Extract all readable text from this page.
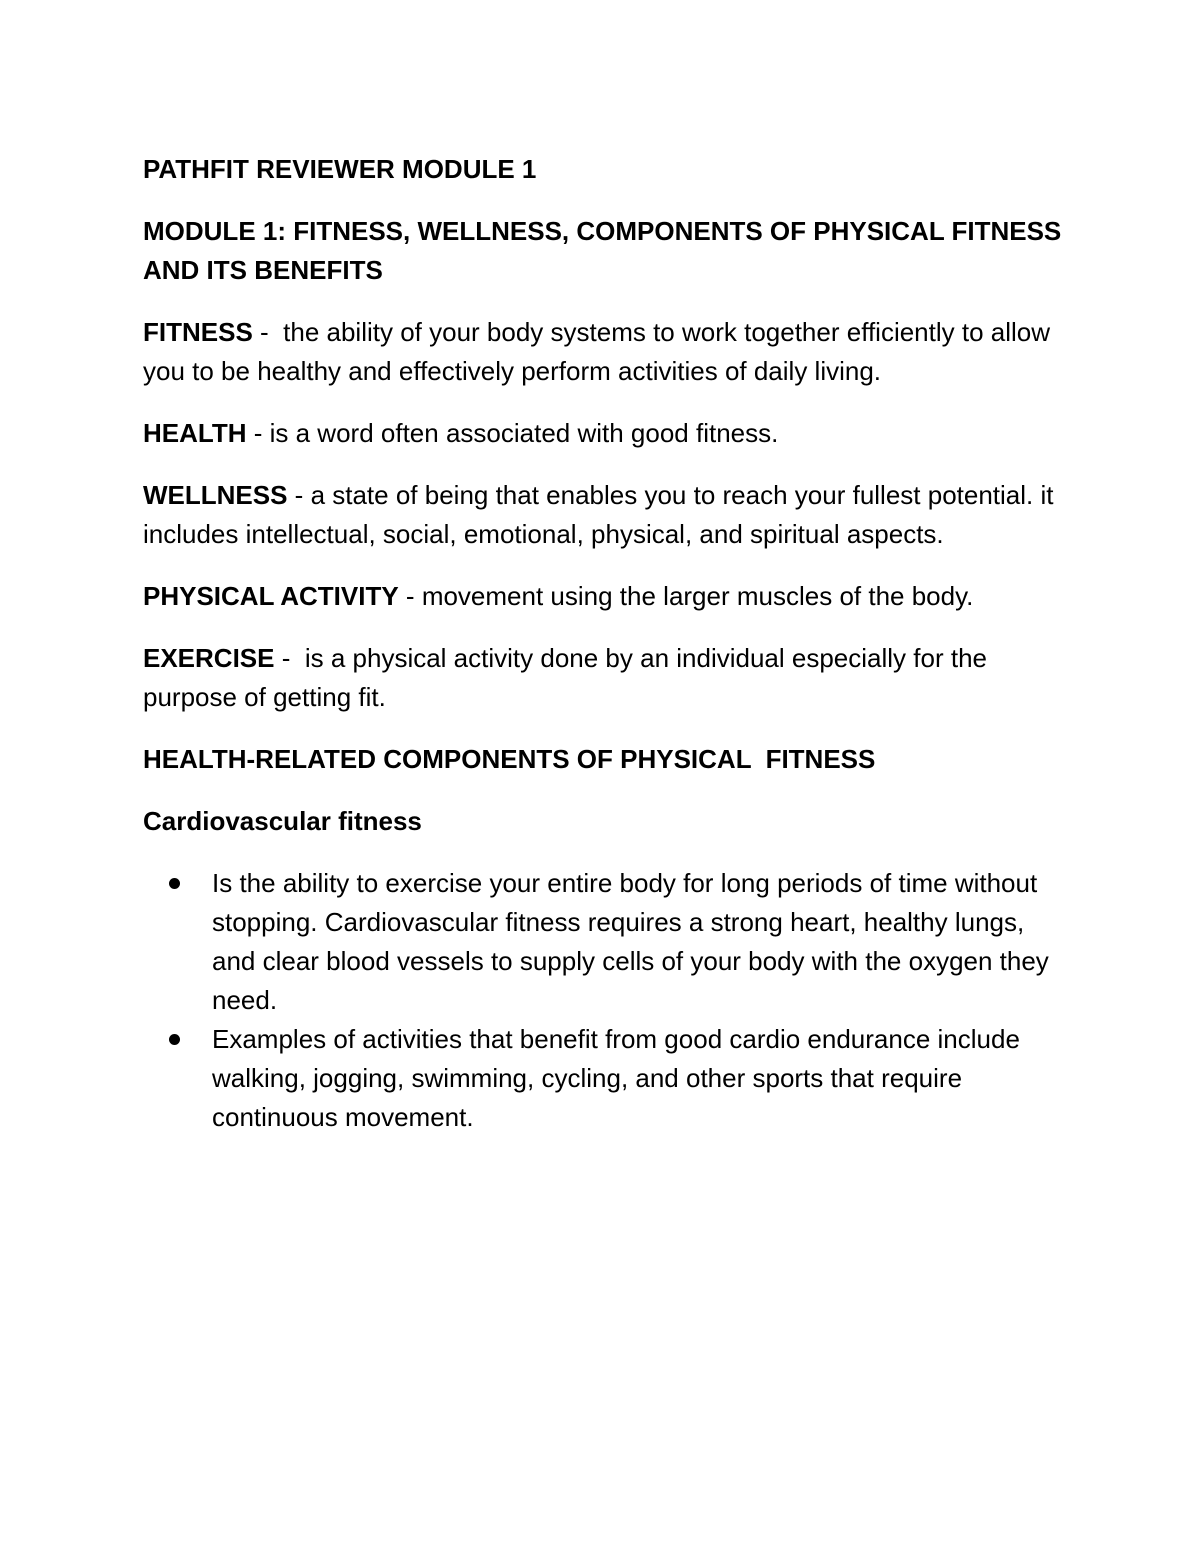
PATHFIT REVIEWER MODULE 1

MODULE 1: FITNESS, WELLNESS, COMPONENTS OF PHYSICAL FITNESS AND ITS BENEFITS

FITNESS -  the ability of your body systems to work together efficiently to allow you to be healthy and effectively perform activities of daily living.

HEALTH - is a word often associated with good fitness.

WELLNESS - a state of being that enables you to reach your fullest potential. it includes intellectual, social, emotional, physical, and spiritual aspects.

PHYSICAL ACTIVITY - movement using the larger muscles of the body.

EXERCISE -  is a physical activity done by an individual especially for the purpose of getting fit.

HEALTH-RELATED COMPONENTS OF PHYSICAL  FITNESS

Cardiovascular fitness

Is the ability to exercise your entire body for long periods of time without stopping. Cardiovascular fitness requires a strong heart, healthy lungs, and clear blood vessels to supply cells of your body with the oxygen they need.
Examples of activities that benefit from good cardio endurance include walking, jogging, swimming, cycling, and other sports that require continuous movement.
